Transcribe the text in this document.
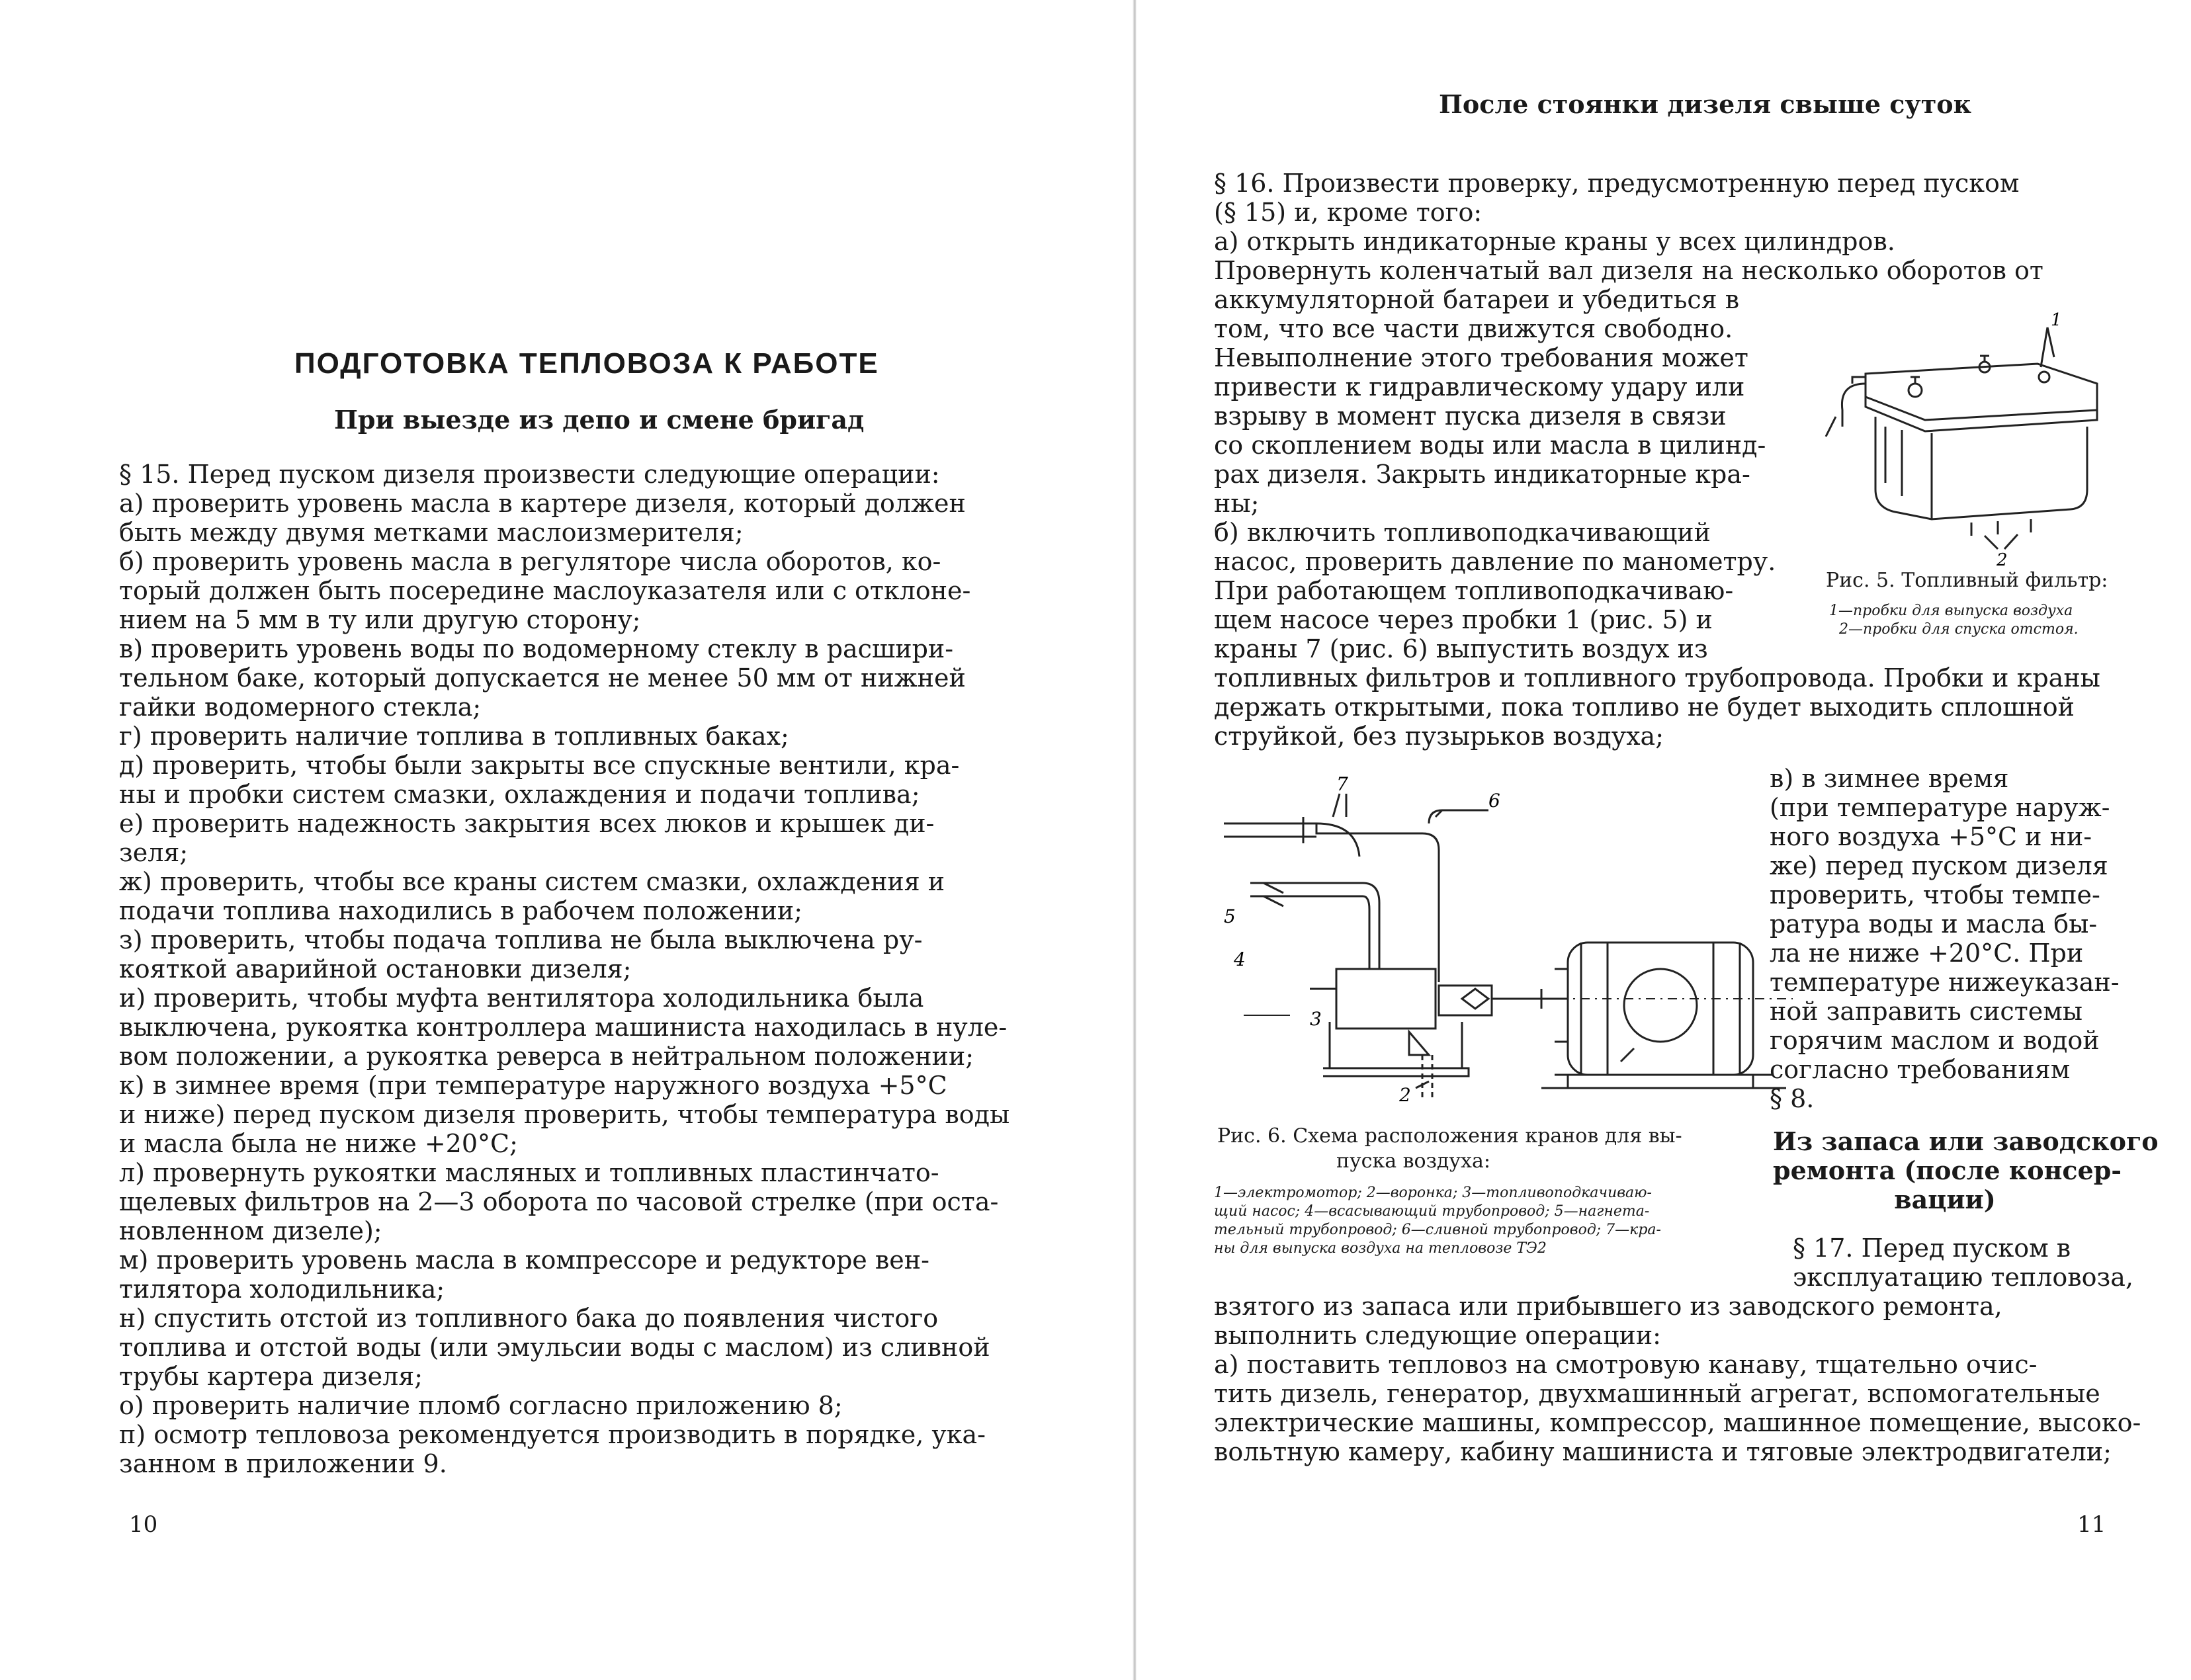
ПОДГОТОВКА ТЕПЛОВОЗА К РАБОТЕ
При выезде из депо и смене бригад
§ 15. Перед пуском дизеля произвести следующие операции:
а) проверить уровень масла в картере дизеля, который должен
быть между двумя метками маслоизмерителя;
б) проверить уровень масла в регуляторе числа оборотов, ко-
торый должен быть посередине маслоуказателя или с отклоне-
нием на 5 мм в ту или другую сторону;
в) проверить уровень воды по водомерному стеклу в расшири-
тельном баке, который допускается не менее 50 мм от нижней
гайки водомерного стекла;
г) проверить наличие топлива в топливных баках;
д) проверить, чтобы были закрыты все спускные вентили, кра-
ны и пробки систем смазки, охлаждения и подачи топлива;
е) проверить надежность закрытия всех люков и крышек ди-
зеля;
ж) проверить, чтобы все краны систем смазки, охлаждения и
подачи топлива находились в рабочем положении;
з) проверить, чтобы подача топлива не была выключена ру-
кояткой аварийной остановки дизеля;
и) проверить, чтобы муфта вентилятора холодильника была
выключена, рукоятка контроллера машиниста находилась в нуле-
вом положении, а рукоятка реверса в нейтральном положении;
к) в зимнее время (при температуре наружного воздуха +5°С
и ниже) перед пуском дизеля проверить, чтобы температура воды
и масла была не ниже +20°С;
л) провернуть рукоятки масляных и топливных пластинчато-
щелевых фильтров на 2—3 оборота по часовой стрелке (при оста-
новленном дизеле);
м) проверить уровень масла в компрессоре и редукторе вен-
тилятора холодильника;
н) спустить отстой из топливного бака до появления чистого
топлива и отстой воды (или эмульсии воды с маслом) из сливной
трубы картера дизеля;
о) проверить наличие пломб согласно приложению 8;
п) осмотр тепловоза рекомендуется производить в порядке, ука-
занном в приложении 9.
10
После стоянки дизеля свыше суток
§ 16. Произвести проверку, предусмотренную перед пуском
(§ 15) и, кроме того:
а) открыть индикаторные краны у всех цилиндров.
Провернуть коленчатый вал дизеля на несколько оборотов от
аккумуляторной батареи и убедиться в
том, что все части движутся свободно.
Невыполнение этого требования может
привести к гидравлическому удару или
взрыву в момент пуска дизеля в связи
со скоплением воды или масла в цилинд-
рах дизеля. Закрыть индикаторные кра-
ны;
б) включить топливоподкачивающий
насос, проверить давление по манометру.
При работающем топливоподкачиваю-
щем насосе через пробки 1 (рис. 5) и
краны 7 (рис. 6) выпустить воздух из
топливных фильтров и топливного трубопровода. Пробки и краны
держать открытыми, пока топливо не будет выходить сплошной
струйкой, без пузырьков воздуха;
1
2
Рис. 5. Топливный фильтр:
1—пробки для выпуска воздуха
2—пробки для спуска отстоя.
7
6
5
4
3
2
Рис. 6. Схема расположения кранов для вы-
пуска воздуха:
1—электромотор; 2—воронка; 3—топливоподкачиваю-
щий насос; 4—всасывающий трубопровод; 5—нагнета-
тельный трубопровод; 6—сливной трубопровод; 7—кра-
ны для выпуска воздуха на тепловозе ТЭ2
в) в зимнее время
(при температуре наруж-
ного воздуха +5°С и ни-
же) перед пуском дизеля
проверить, чтобы темпе-
ратура воды и масла бы-
ла не ниже +20°С. При
температуре нижеуказан-
ной заправить системы
горячим маслом и водой
согласно требованиям
§ 8.
Из запаса или заводского
ремонта (после консер-
вации)
§ 17. Перед пуском в
эксплуатацию тепловоза,
взятого из запаса или прибывшего из заводского ремонта,
выполнить следующие операции:
а) поставить тепловоз на смотровую канаву, тщательно очис-
тить дизель, генератор, двухмашинный агрегат, вспомогательные
электрические машины, компрессор, машинное помещение, высоко-
вольтную камеру, кабину машиниста и тяговые электродвигатели;
11
